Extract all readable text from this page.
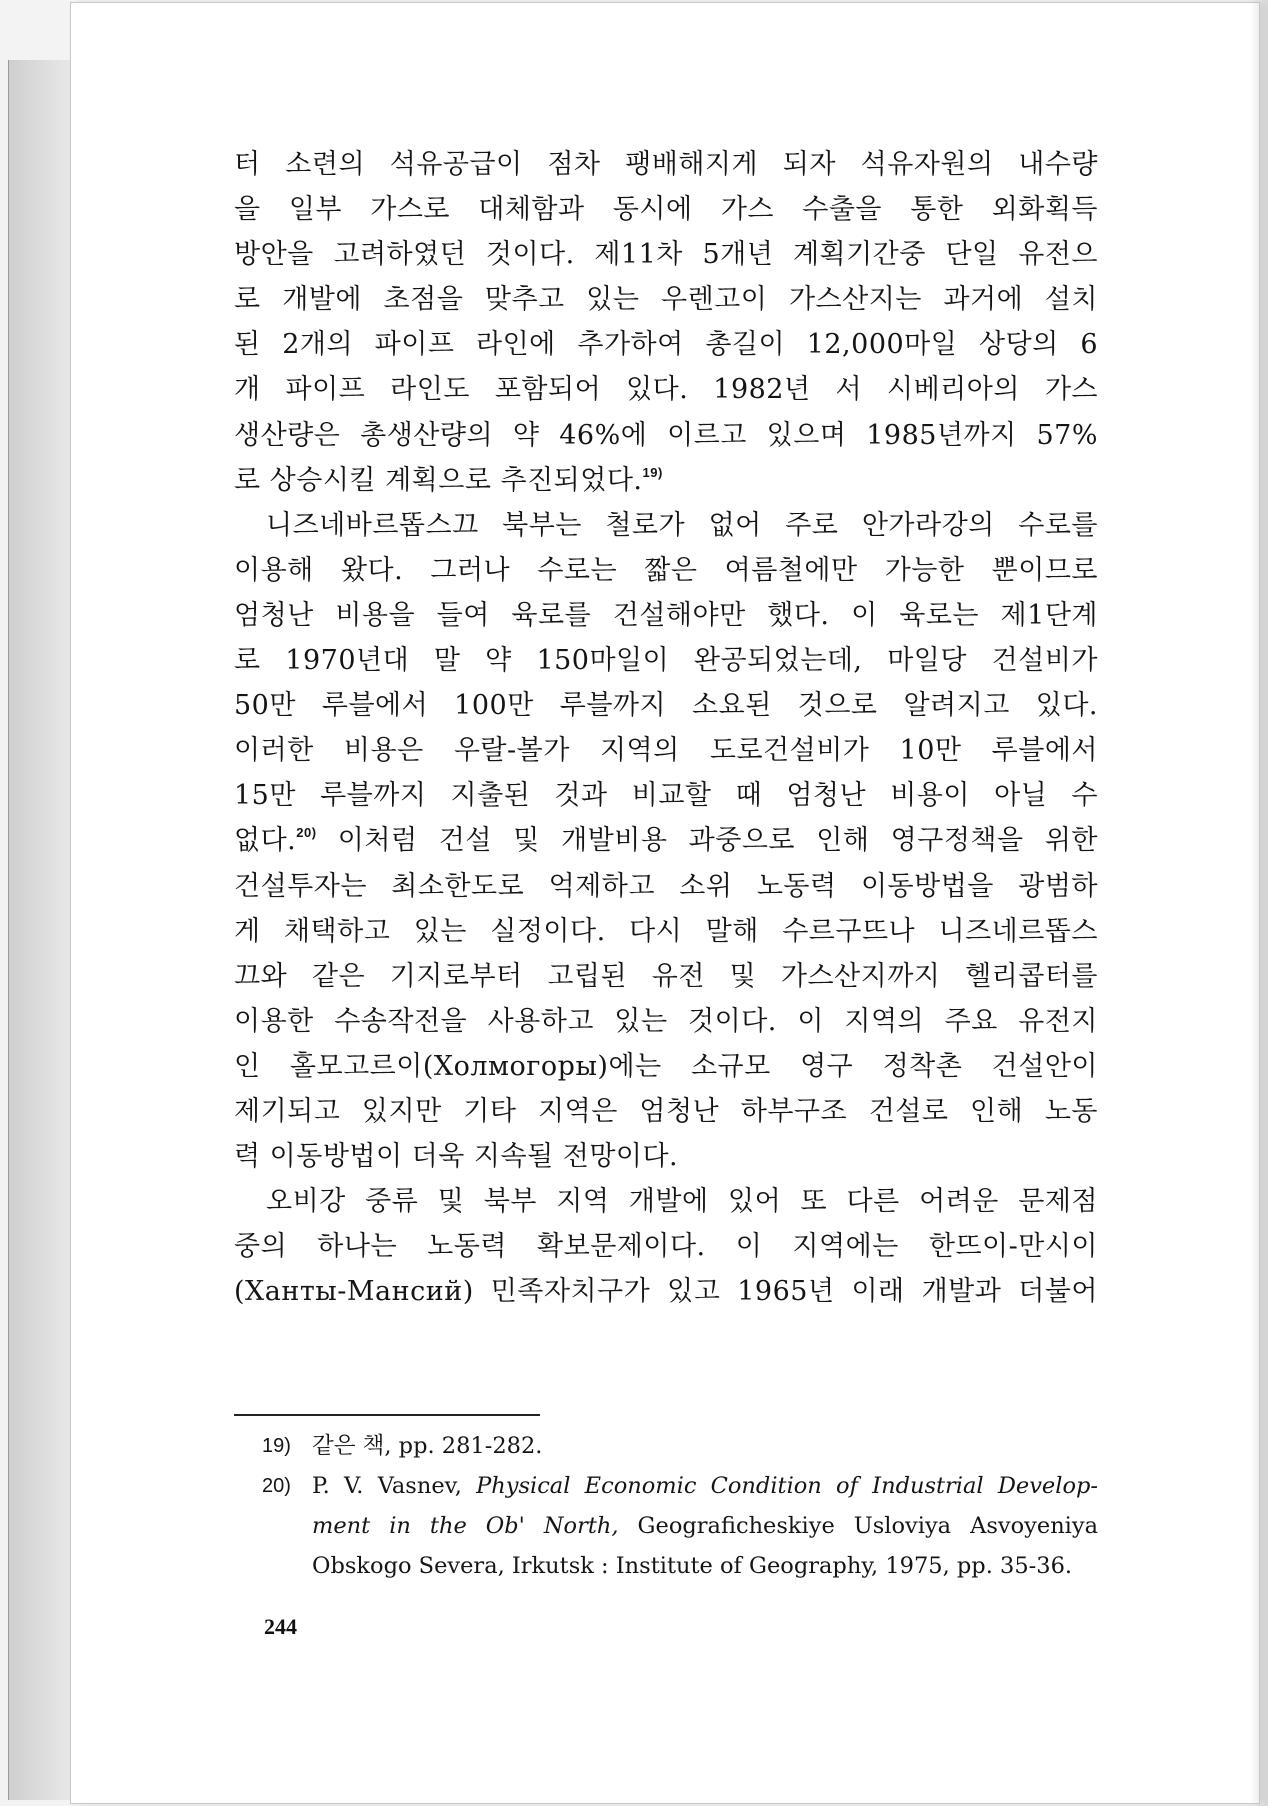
터 소련의 석유공급이 점차 팽배해지게 되자 석유자원의 내수량
을 일부 가스로 대체함과 동시에 가스 수출을 통한 외화획득
방안을 고려하였던 것이다. 제11차 5개년 계획기간중 단일 유전으
로 개발에 초점을 맞추고 있는 우렌고이 가스산지는 과거에 설치
된 2개의 파이프 라인에 추가하여 총길이 12,000마일 상당의 6
개 파이프 라인도 포함되어 있다. 1982년 서 시베리아의 가스
생산량은 총생산량의 약 46%에 이르고 있으며 1985년까지 57%
로 상승시킬 계획으로 추진되었다.$^{19)}$
니즈네바르똡스끄 북부는 철로가 없어 주로 안가라강의 수로를
이용해 왔다. 그러나 수로는 짧은 여름철에만 가능한 뿐이므로
엄청난 비용을 들여 육로를 건설해야만 했다. 이 육로는 제1단계
로 1970년대 말 약 150마일이 완공되었는데, 마일당 건설비가
50만 루블에서 100만 루블까지 소요된 것으로 알려지고 있다.
이러한 비용은 우랄-볼가 지역의 도로건설비가 10만 루블에서
15만 루블까지 지출된 것과 비교할 때 엄청난 비용이 아닐 수
없다.$^{20)}$ 이처럼 건설 및 개발비용 과중으로 인해 영구정책을 위한
건설투자는 최소한도로 억제하고 소위 노동력 이동방법을 광범하
게 채택하고 있는 실정이다. 다시 말해 수르구뜨나 니즈네르똡스
끄와 같은 기지로부터 고립된 유전 및 가스산지까지 헬리콥터를
이용한 수송작전을 사용하고 있는 것이다. 이 지역의 주요 유전지
인 홀모고르이(Холмогоры)에는 소규모 영구 정착촌 건설안이
제기되고 있지만 기타 지역은 엄청난 하부구조 건설로 인해 노동
력 이동방법이 더욱 지속될 전망이다.
오비강 중류 및 북부 지역 개발에 있어 또 다른 어려운 문제점
중의 하나는 노동력 확보문제이다. 이 지역에는 한뜨이-만시이
(Ханты-Мансий) 민족자치구가 있고 1965년 이래 개발과 더불어
19) 같은 책, pp. 281-282.
20) P. V. Vasnev, Physical Economic Condition of Industrial Develop-
ment in the Ob' North, Geograficheskiye Usloviya Asvoyeniya
Obskogo Severa, Irkutsk : Institute of Geography, 1975, pp. 35-36.
244
